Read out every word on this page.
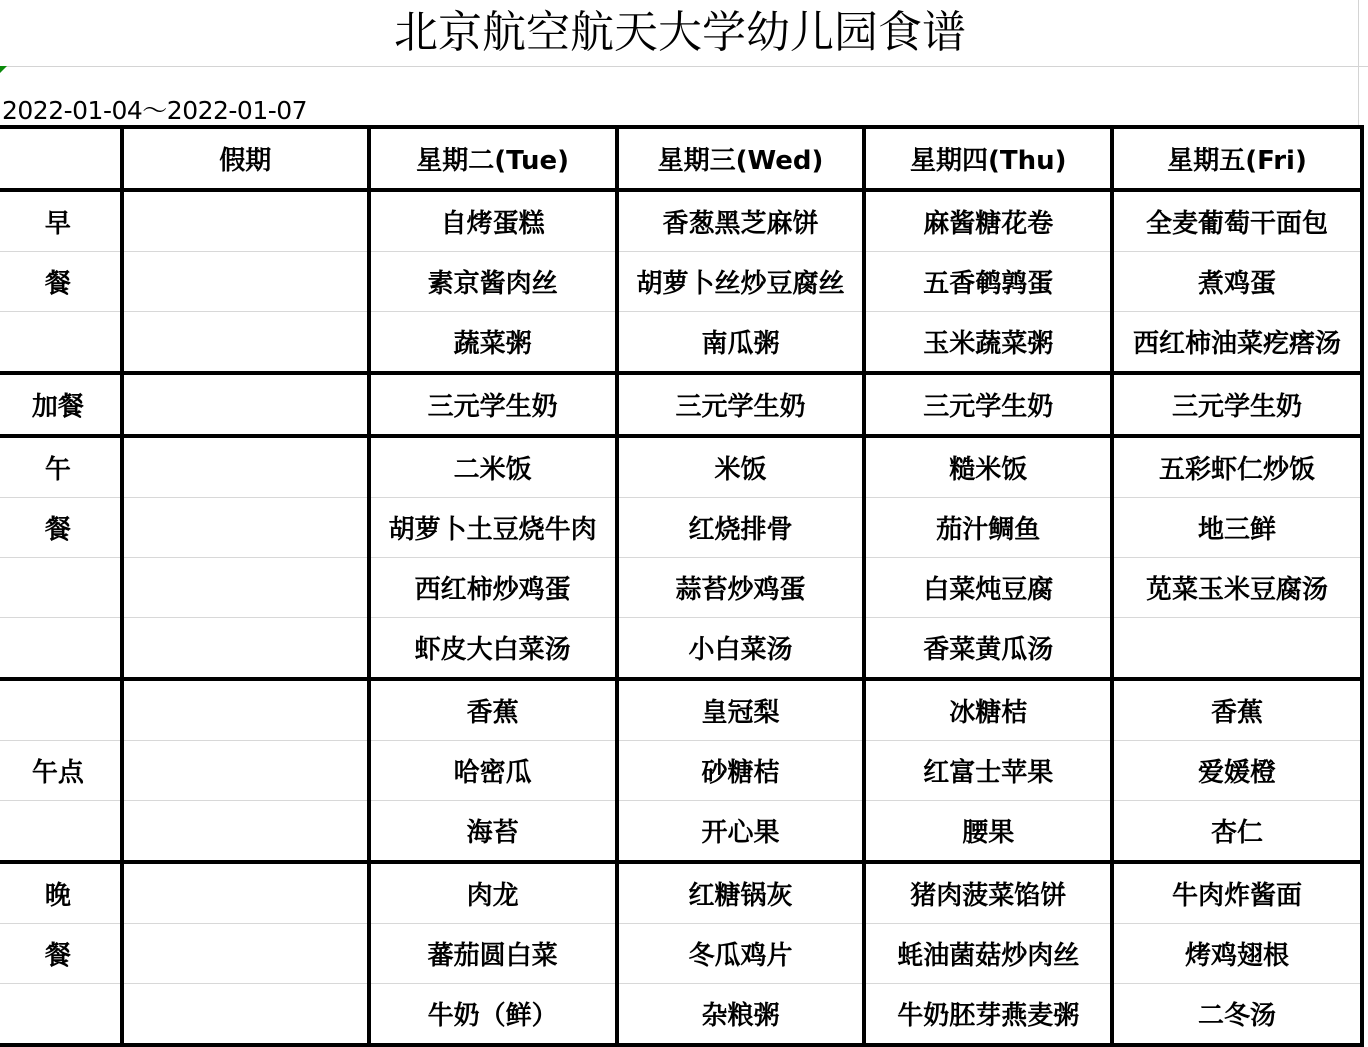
北京航空航天大学幼儿园食谱
2022-01-04～2022-01-07
	假期	星期二(Tue)	星期三(Wed)	星期四(Thu)	星期五(Fri)
早		自烤蛋糕	香葱黑芝麻饼	麻酱糖花卷	全麦葡萄干面包
餐		素京酱肉丝	胡萝卜丝炒豆腐丝	五香鹌鹑蛋	煮鸡蛋
		蔬菜粥	南瓜粥	玉米蔬菜粥	西红柿油菜疙瘩汤
加餐		三元学生奶	三元学生奶	三元学生奶	三元学生奶
午		二米饭	米饭	糙米饭	五彩虾仁炒饭
餐		胡萝卜土豆烧牛肉	红烧排骨	茄汁鲷鱼	地三鲜
		西红柿炒鸡蛋	蒜苔炒鸡蛋	白菜炖豆腐	苋菜玉米豆腐汤
		虾皮大白菜汤	小白菜汤	香菜黄瓜汤	
		香蕉	皇冠梨	冰糖桔	香蕉
午点		哈密瓜	砂糖桔	红富士苹果	爱媛橙
		海苔	开心果	腰果	杏仁
晚		肉龙	红糖锅灰	猪肉菠菜馅饼	牛肉炸酱面
餐		蕃茄圆白菜	冬瓜鸡片	蚝油菌菇炒肉丝	烤鸡翅根
		牛奶（鲜）	杂粮粥	牛奶胚芽燕麦粥	二冬汤
